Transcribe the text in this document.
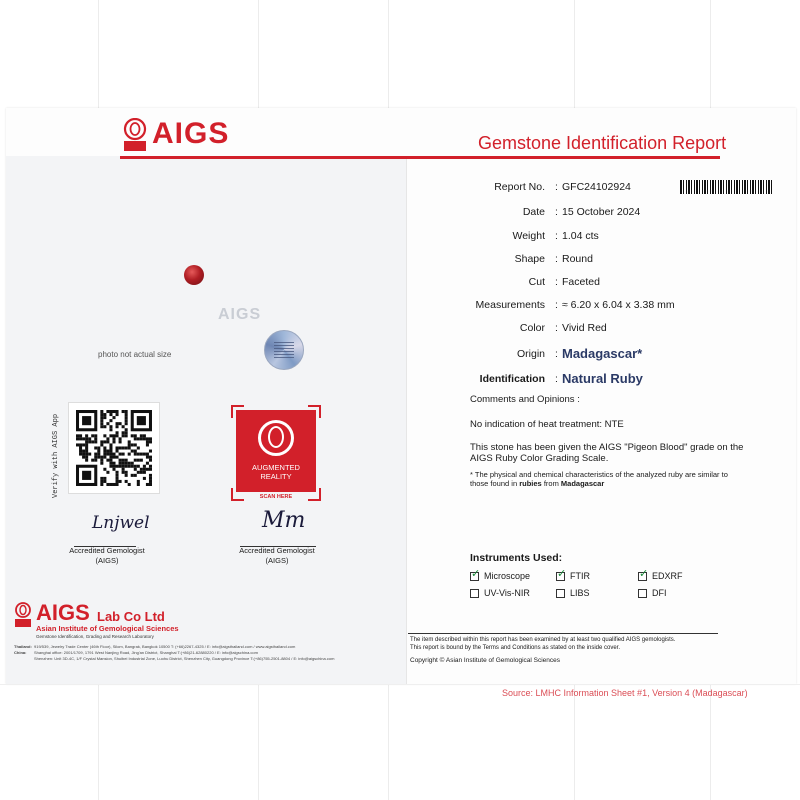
AIGS	Gemstone Identification Report
Report No. : GFC24102924
Date : 15 October 2024
Weight : 1.04 cts
Shape : Round
Cut : Faceted
Measurements : ≈ 6.20 x 6.04 x 3.38 mm
Color : Vivid Red
Origin : Madagascar*
Identification : Natural Ruby
AIGS
photo not actual size
Verify with AIGS App	AUGMENTED
REALITY
SCAN HERE
Lnjwel
Accredited Gemologist
(AIGS)
Mm
Accredited Gemologist
(AIGS)
AIGS Lab Co Ltd
Asian Institute of Gemological Sciences
Gemstone Identification, Grading and Research Laboratory
Thailand: 919/539, Jewelry Trade Center (46th Floor), Silom, Bangrak, Bangkok 10500 T: (+66)2267-4325 / E: info@aigsthailand.com / www.aigsthailand.com
China: Shanghai office: 2001/1709, 1791 West Nanjing Road, Jing'an District, Shanghai T:(+86)21-62880220 / E: info@aigschina.com
Shenzhen: Unit 3D-4C, 1/F Crystal Mansion, Shuibei Industrial Zone, Luohu District, Shenzhen City, Guangdong Province T:(+86)755-2501-8804 / E: info@aigschina.com
Comments and Opinions :
No indication of heat treatment: NTE
This stone has been given the AIGS "Pigeon Blood" grade on the
AIGS Ruby Color Grading Scale.
* The physical and chemical characteristics of the analyzed ruby are similar to
those found in rubies from Madagascar
Instruments Used:
✓ Microscope ✓ FTIR	✓ EDXRF
UV-Vis-NIR	LIBS	DFI
The item described within this report has been examined by at least two qualified AIGS gemologists.
This report is bound by the Terms and Conditions as stated on the inside cover.
Copyright © Asian Institute of Gemological Sciences
Source: LMHC Information Sheet #1, Version 4 (Madagascar)
